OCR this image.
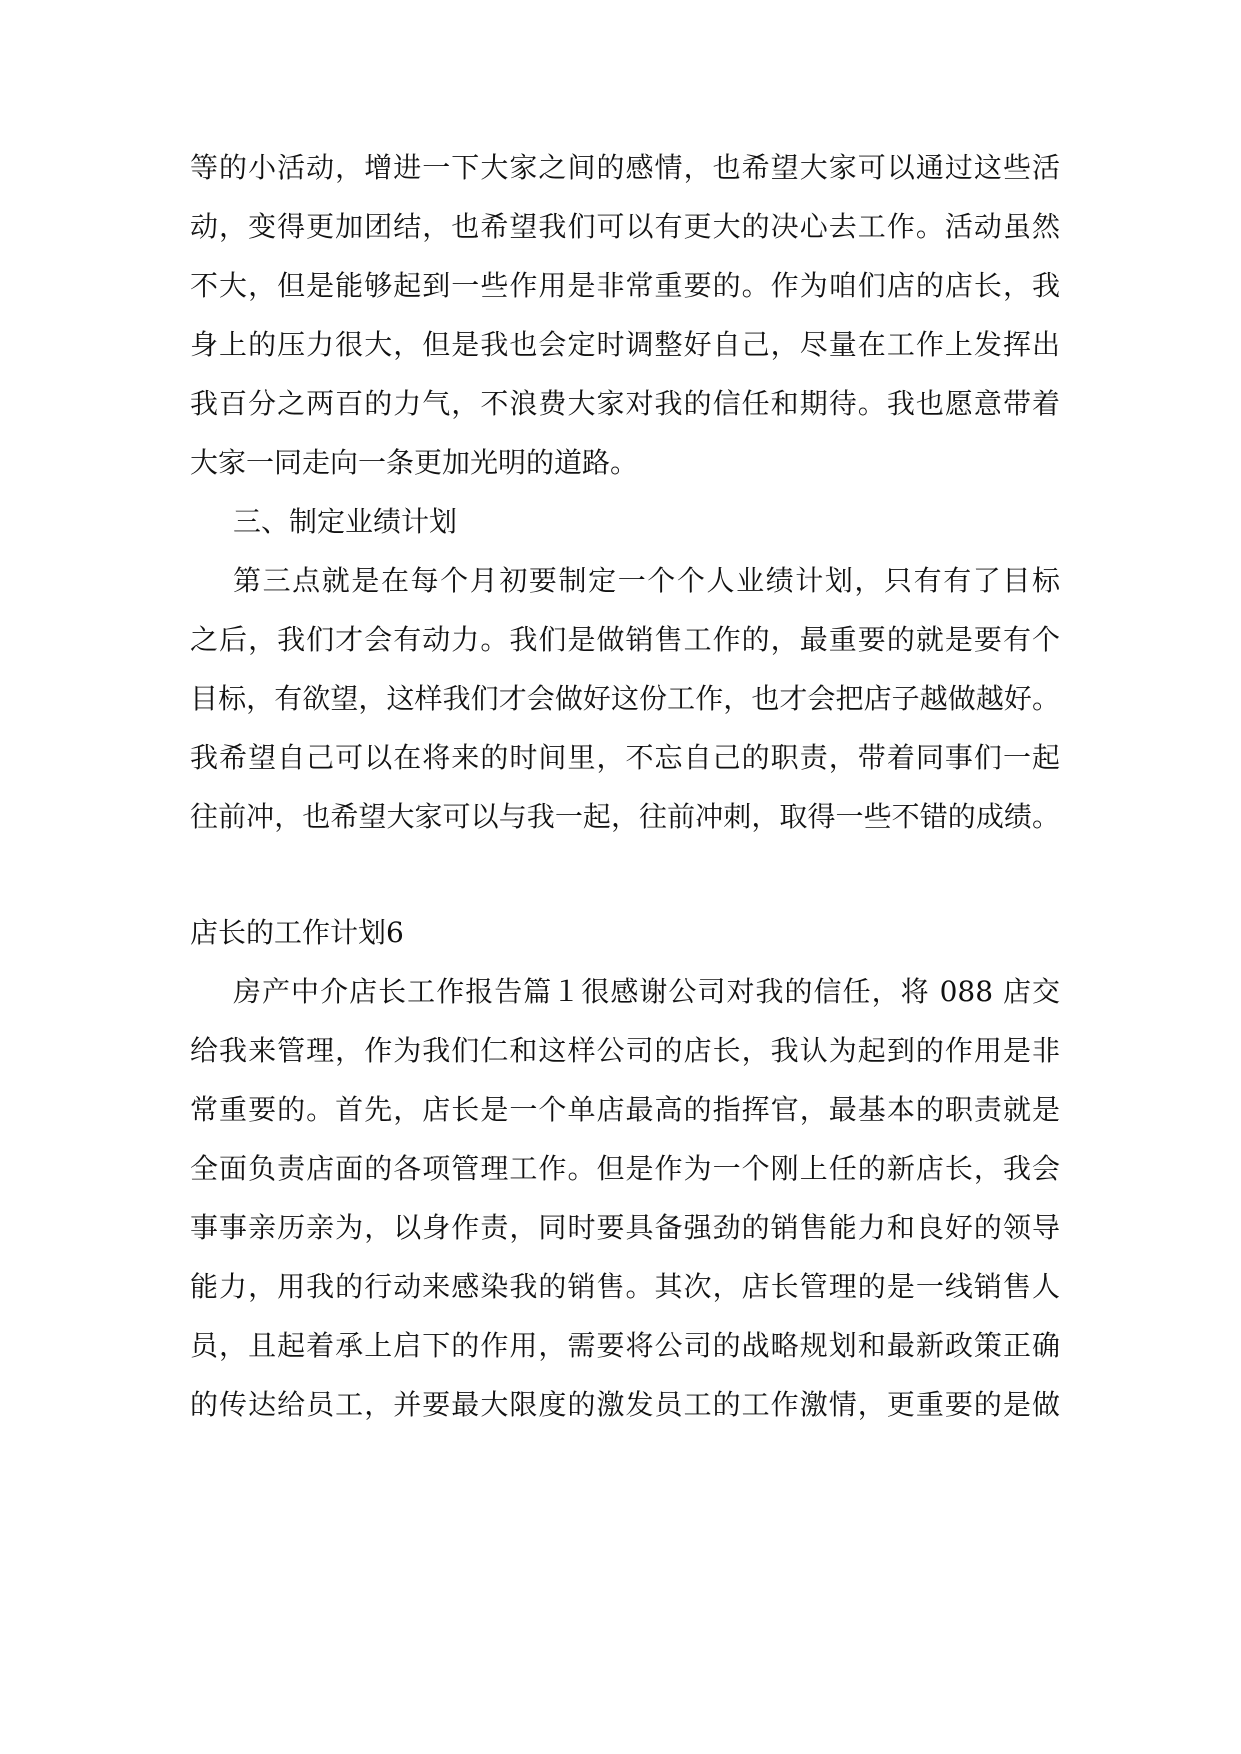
等的小活动，增进一下大家之间的感情，也希望大家可以通过这些活
动，变得更加团结，也希望我们可以有更大的决心去工作。活动虽然
不大，但是能够起到一些作用是非常重要的。作为咱们店的店长，我
身上的压力很大，但是我也会定时调整好自己，尽量在工作上发挥出
我百分之两百的力气，不浪费大家对我的信任和期待。我也愿意带着
大家一同走向一条更加光明的道路。
三、制定业绩计划
第三点就是在每个月初要制定一个个人业绩计划，只有有了目标
之后，我们才会有动力。我们是做销售工作的，最重要的就是要有个
目标，有欲望，这样我们才会做好这份工作，也才会把店子越做越好。
我希望自己可以在将来的时间里，不忘自己的职责，带着同事们一起
往前冲，也希望大家可以与我一起，往前冲刺，取得一些不错的成绩。
店长的工作计划6
房产中介店长工作报告篇１很感谢公司对我的信任，将 088 店交
给我来管理，作为我们仁和这样公司的店长，我认为起到的作用是非
常重要的。首先，店长是一个单店最高的指挥官，最基本的职责就是
全面负责店面的各项管理工作。但是作为一个刚上任的新店长，我会
事事亲历亲为，以身作责，同时要具备强劲的销售能力和良好的领导
能力，用我的行动来感染我的销售。其次，店长管理的是一线销售人
员，且起着承上启下的作用，需要将公司的战略规划和最新政策正确
的传达给员工，并要最大限度的激发员工的工作激情，更重要的是做
